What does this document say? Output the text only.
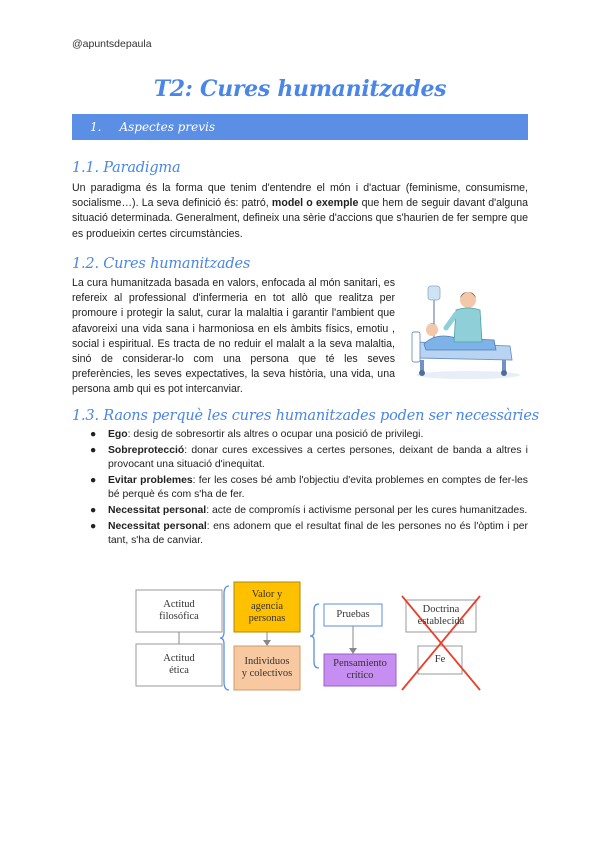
@apuntsdepaula
T2: Cures humanitzades
1. Aspectes previs
1.1. Paradigma

Un paradigma és la forma que tenim d'entendre el món i d'actuar (feminisme, consumisme, socialisme…). La seva definició és: patró, model o exemple que hem de seguir davant d'alguna situació determinada. Generalment, defineix una sèrie d'accions que s'haurien de fer sempre que es produeixin certes circumstàncies.

1.2. Cures humanitzades

La cura humanitzada basada en valors, enfocada al món sanitari, es refereix al professional d'infermeria en tot allò que realitza per promoure i protegir la salut, curar la malaltia i garantir l'ambient que afavoreixi una vida sana i harmoniosa en els àmbits físics, emotiu , social i espiritual. Es tracta de no reduir el malalt a la seva malaltia, sinó de considerar-lo com una persona que té les seves preferències, les seves expectatives, la seva història, una vida, una persona amb qui es pot intercanviar.

1.3. Raons perquè les cures humanitzades poden ser necessàries
● Ego: desig de sobresortir als altres o ocupar una posició de privilegi.
● Sobreprotecció: donar cures excessives a certes persones, deixant de banda a altres i provocant una situació d'inequitat.
● Evitar problemes: fer les coses bé amb l'objectiu d'evita problemes en comptes de fer-les bé perquè és com s'ha de fer.
● Necessitat personal: acte de compromís i activisme personal per les cures humanitzades.
● Necessitat personal: ens adonem que el resultat final de les persones no és l'òptim i per tant, s'ha de canviar.
Actitud
filosófica
Actitud
ética
Valor y
agencia
personas
Individuos
y colectivos
Pruebas
Pensamiento
crítico
Doctrina
establecida
Fe
